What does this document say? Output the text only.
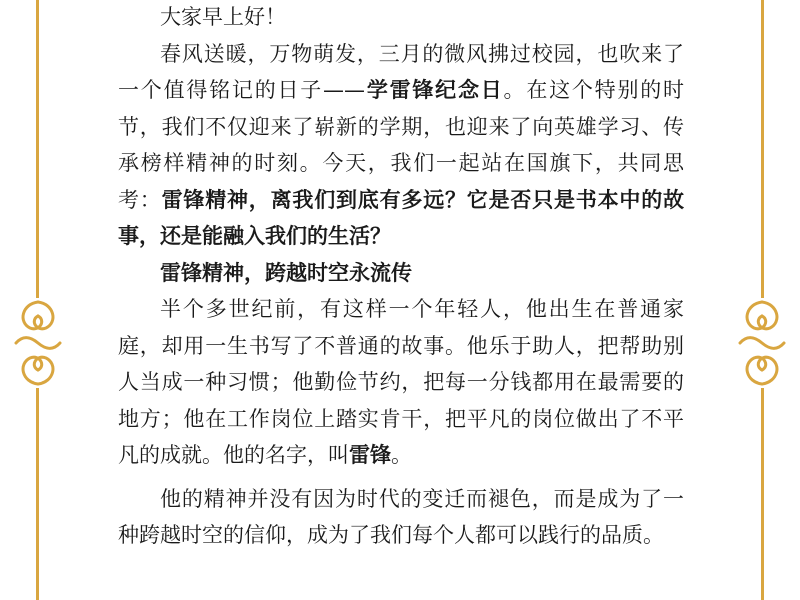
大家早上好！

春风送暖，万物萌发，三月的微风拂过校园，也吹来了一个值得铭记的日子——学雷锋纪念日。在这个特别的时节，我们不仅迎来了崭新的学期，也迎来了向英雄学习、传承榜样精神的时刻。今天，我们一起站在国旗下，共同思考：雷锋精神，离我们到底有多远？它是否只是书本中的故事，还是能融入我们的生活？

雷锋精神，跨越时空永流传

半个多世纪前，有这样一个年轻人，他出生在普通家庭，却用一生书写了不普通的故事。他乐于助人，把帮助别人当成一种习惯；他勤俭节约，把每一分钱都用在最需要的地方；他在工作岗位上踏实肯干，把平凡的岗位做出了不平凡的成就。他的名字，叫雷锋。

他的精神并没有因为时代的变迁而褪色，而是成为了一种跨越时空的信仰，成为了我们每个人都可以践行的品质。
